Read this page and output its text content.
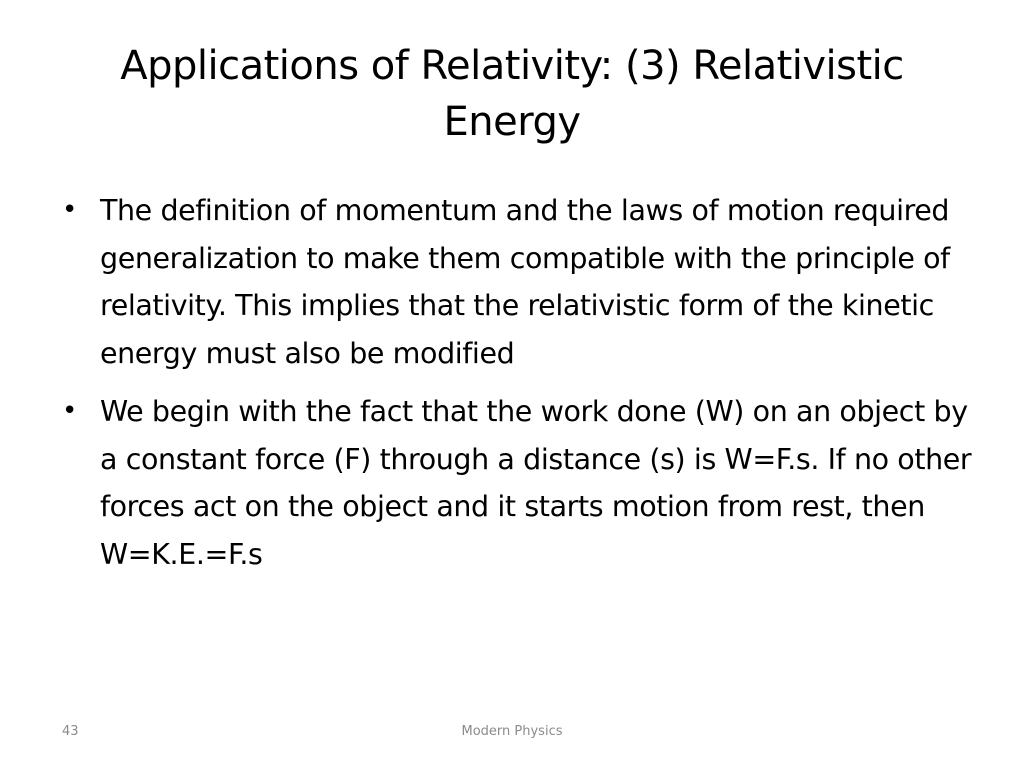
Applications of Relativity: (3) Relativistic Energy
• The definition of momentum and the laws of motion required generalization to make them compatible with the principle of relativity. This implies that the relativistic form of the kinetic energy must also be modified
• We begin with the fact that the work done (W) on an object by a constant force (F) through a distance (s) is W=F.s. If no other forces act on the object and it starts motion from rest, then W=K.E.=F.s
43	Modern Physics
